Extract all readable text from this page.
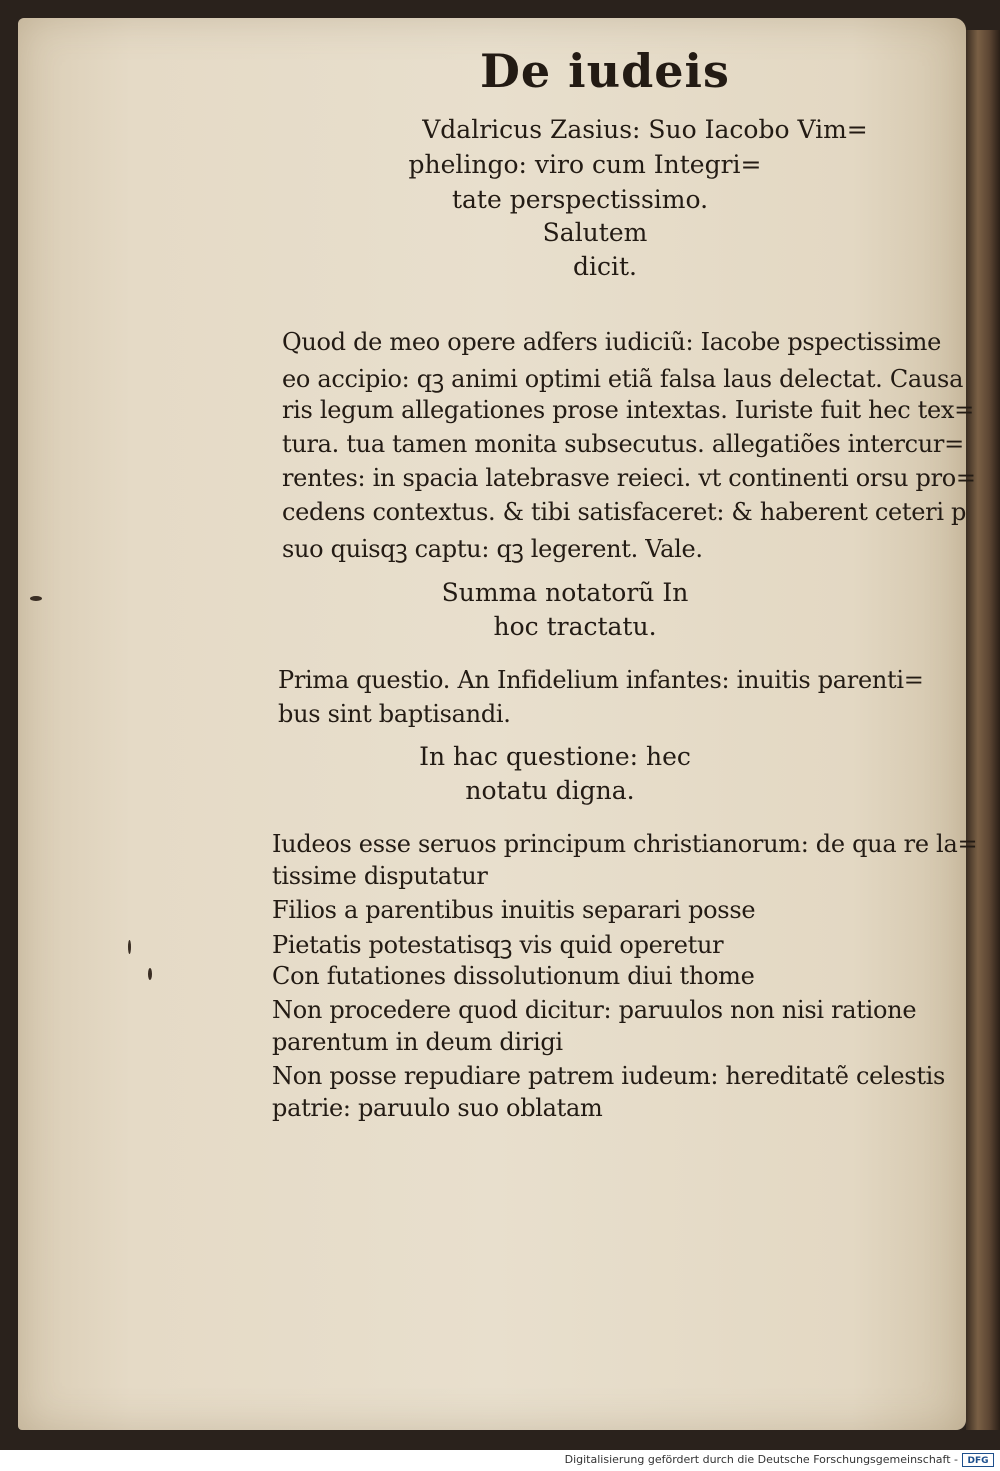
De iudeis
Vdalricus Zasius: Suo Iacobo Vim=
phelingo: viro cum Integri=
tate perspectissimo.
Salutem
dicit.
Quod de meo opere adfers iudiciũ: Iacobe pspectissime
eo accipio: qꝫ animi optimi etiã falsa laus delectat. Causa
ris legum allegationes prose intextas. Iuriste fuit hec tex=
tura. tua tamen monita subsecutus. allegatiões intercur=
rentes: in spacia latebrasve reieci. vt continenti orsu pro=
cedens contextus. & tibi satisfaceret: & haberent ceteri p
suo quisqꝫ captu: qꝫ legerent. Vale.
Summa notatorũ In
hoc tractatu.
Prima questio. An Infidelium infantes: inuitis parenti=
bus sint baptisandi.
In hac questione: hec
notatu digna.
Iudeos esse seruos principum christianorum: de qua re la=
tissime disputatur
Filios a parentibus inuitis separari posse
Pietatis potestatisqꝫ vis quid operetur
Con futationes dissolutionum diui thome
Non procedere quod dicitur: paruulos non nisi ratione
parentum in deum dirigi
Non posse repudiare patrem iudeum: hereditatẽ celestis
patrie: paruulo suo oblatam
Digitalisierung gefördert durch die Deutsche Forschungsgemeinschaft -	DFG
